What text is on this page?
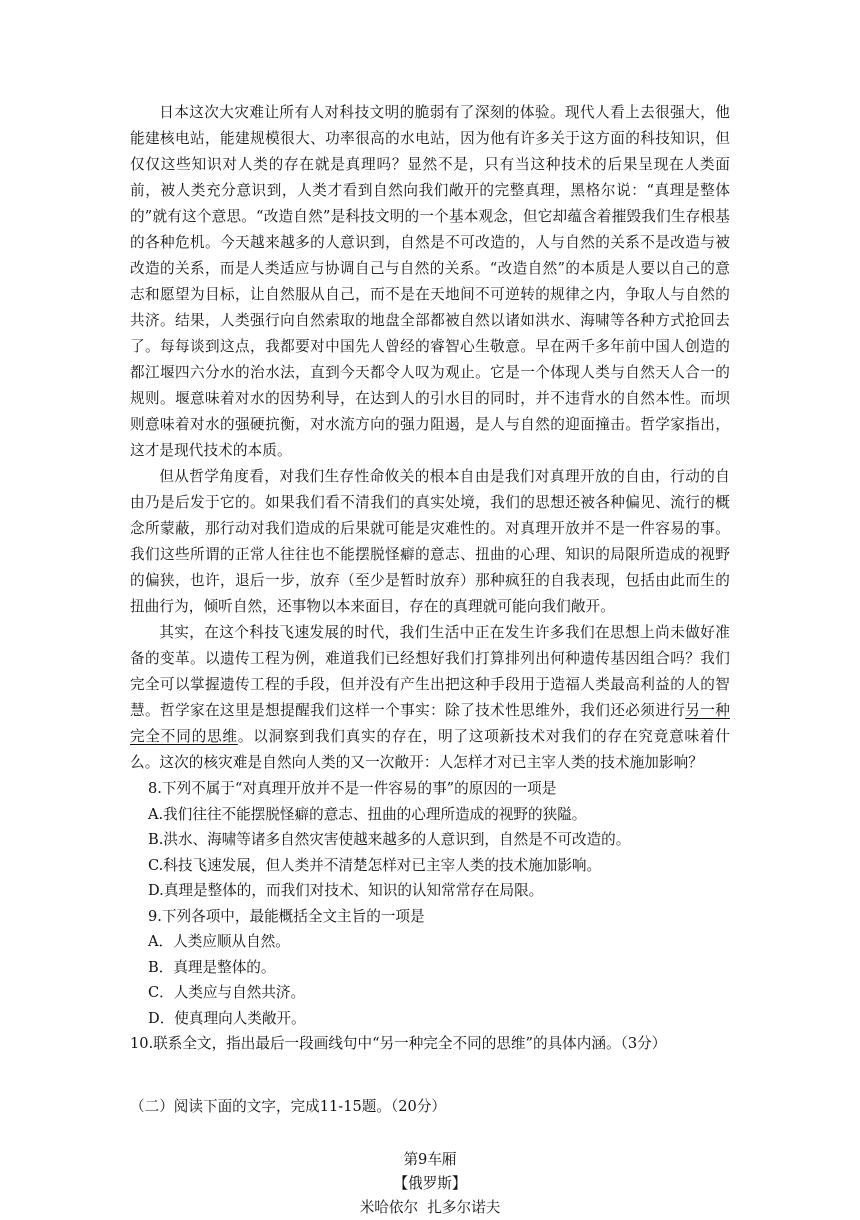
日本这次大灾难让所有人对科技文明的脆弱有了深刻的体验。现代人看上去很强大，他能建核电站，能建规模很大、功率很高的水电站，因为他有许多关于这方面的科技知识，但仅仅这些知识对人类的存在就是真理吗？显然不是，只有当这种技术的后果呈现在人类面前，被人类充分意识到，人类才看到自然向我们敞开的完整真理，黑格尔说：“真理是整体的”就有这个意思。“改造自然”是科技文明的一个基本观念，但它却蕴含着摧毁我们生存根基的各种危机。今天越来越多的人意识到，自然是不可改造的，人与自然的关系不是改造与被改造的关系，而是人类适应与协调自己与自然的关系。“改造自然”的本质是人要以自己的意志和愿望为目标，让自然服从自己，而不是在天地间不可逆转的规律之内，争取人与自然的共济。结果，人类强行向自然索取的地盘全部都被自然以诸如洪水、海啸等各种方式抢回去了。每每谈到这点，我都要对中国先人曾经的睿智心生敬意。早在两千多年前中国人创造的都江堰四六分水的治水法，直到今天都令人叹为观止。它是一个体现人类与自然天人合一的规则。堰意味着对水的因势利导，在达到人的引水目的同时，并不违背水的自然本性。而坝则意味着对水的强硬抗衡，对水流方向的强力阻遏，是人与自然的迎面撞击。哲学家指出，这才是现代技术的本质。

但从哲学角度看，对我们生存性命攸关的根本自由是我们对真理开放的自由，行动的自由乃是后发于它的。如果我们看不清我们的真实处境，我们的思想还被各种偏见、流行的概念所蒙蔽，那行动对我们造成的后果就可能是灾难性的。对真理开放并不是一件容易的事。我们这些所谓的正常人往往也不能摆脱怪癖的意志、扭曲的心理、知识的局限所造成的视野的偏狭，也许，退后一步，放弃（至少是暂时放弃）那种疯狂的自我表现，包括由此而生的扭曲行为，倾听自然，还事物以本来面目，存在的真理就可能向我们敞开。

其实，在这个科技飞速发展的时代，我们生活中正在发生许多我们在思想上尚未做好准备的变革。以遗传工程为例，难道我们已经想好我们打算排列出何种遗传基因组合吗？我们完全可以掌握遗传工程的手段，但并没有产生出把这种手段用于造福人类最高利益的人的智慧。哲学家在这里是想提醒我们这样一个事实：除了技术性思维外，我们还必须进行另一种完全不同的思维。以洞察到我们真实的存在，明了这项新技术对我们的存在究竟意味着什么。这次的核灾难是自然向人类的又一次敞开：人怎样才对已主宰人类的技术施加影响？

8.下列不属于“对真理开放并不是一件容易的事”的原因的一项是

A.我们往往不能摆脱怪癖的意志、扭曲的心理所造成的视野的狭隘。

B.洪水、海啸等诸多自然灾害使越来越多的人意识到，自然是不可改造的。

C.科技飞速发展，但人类并不清楚怎样对已主宰人类的技术施加影响。

D.真理是整体的，而我们对技术、知识的认知常常存在局限。

9.下列各项中，最能概括全文主旨的一项是

A．人类应顺从自然。

B．真理是整体的。

C．人类应与自然共济。

D．使真理向人类敞开。

10.联系全文，指出最后一段画线句中“另一种完全不同的思维”的具体内涵。（3分）

（二）阅读下面的文字，完成11-15题。（20分）

第9车厢
【俄罗斯】
米哈依尔  扎多尔诺夫
